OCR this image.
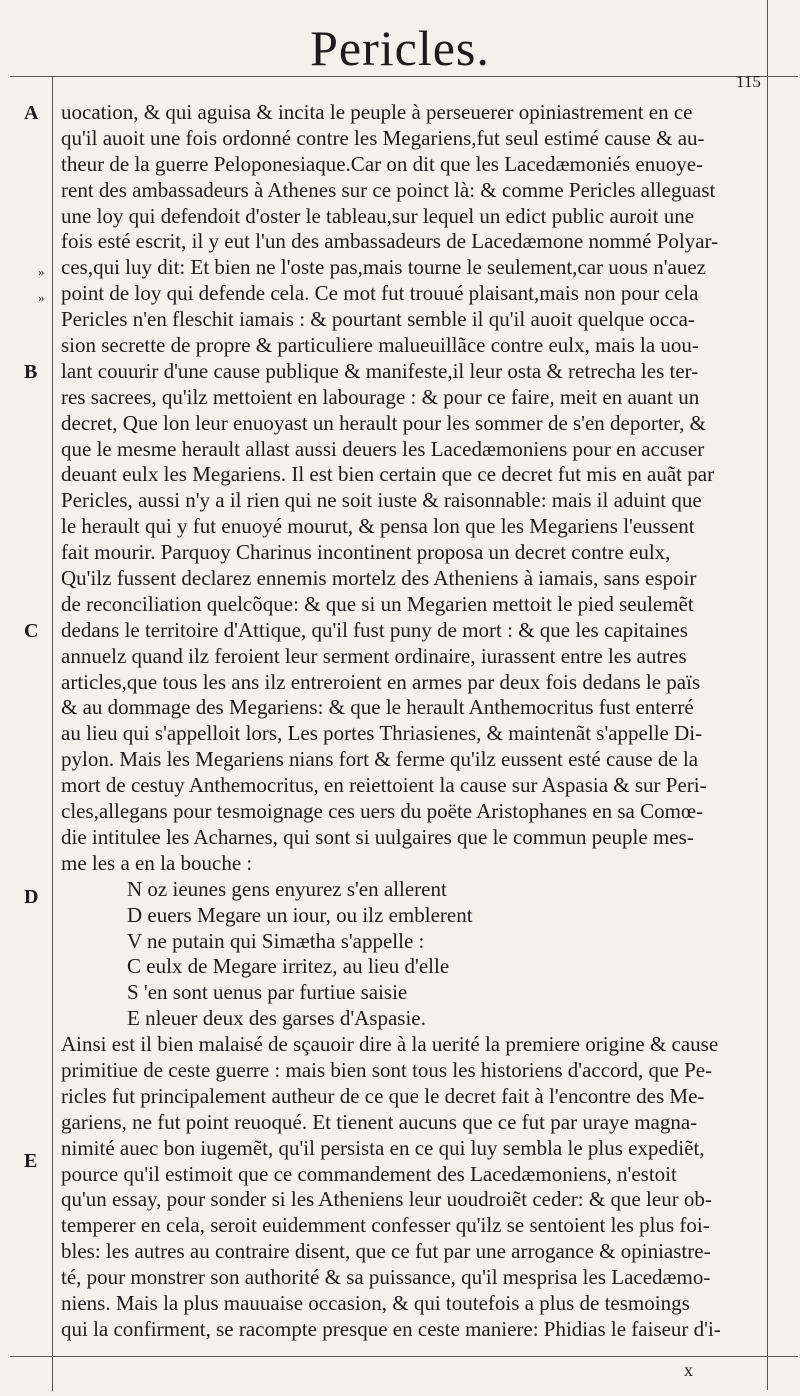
Pericles.
115
A
B
C
D
E
»
»
uocation, & qui aguisa & incita le peuple à perseuerer opiniastrement en ce
qu'il auoit une fois ordonné contre les Megariens,fut seul estimé cause & au-
theur de la guerre Peloponesiaque.Car on dit que les Lacedæmoniés enuoye-
rent des ambassadeurs à Athenes sur ce poinct là: & comme Pericles alleguast
une loy qui defendoit d'oster le tableau,sur lequel un edict public auroit une
fois esté escrit, il y eut l'un des ambassadeurs de Lacedæmone nommé Polyar-
ces,qui luy dit: Et bien ne l'oste pas,mais tourne le seulement,car uous n'auez
point de loy qui defende cela. Ce mot fut trouué plaisant,mais non pour cela
Pericles n'en fleschit iamais : & pourtant semble il qu'il auoit quelque occa-
sion secrette de propre & particuliere malueuillãce contre eulx, mais la uou-
lant couurir d'une cause publique & manifeste,il leur osta & retrecha les ter-
res sacrees, qu'ilz mettoient en labourage : & pour ce faire, meit en auant un
decret, Que lon leur enuoyast un herault pour les sommer de s'en deporter, &
que le mesme herault allast aussi deuers les Lacedæmoniens pour en accuser
deuant eulx les Megariens. Il est bien certain que ce decret fut mis en auãt par
Pericles, aussi n'y a il rien qui ne soit iuste & raisonnable: mais il aduint que
le herault qui y fut enuoyé mourut, & pensa lon que les Megariens l'eussent
fait mourir. Parquoy Charinus incontinent proposa un decret contre eulx,
Qu'ilz fussent declarez ennemis mortelz des Atheniens à iamais, sans espoir
de reconciliation quelcõque: & que si un Megarien mettoit le pied seulemẽt
dedans le territoire d'Attique, qu'il fust puny de mort : & que les capitaines
annuelz quand ilz feroient leur serment ordinaire, iurassent entre les autres
articles,que tous les ans ilz entreroient en armes par deux fois dedans le païs
& au dommage des Megariens: & que le herault Anthemocritus fust enterré
au lieu qui s'appelloit lors, Les portes Thriasienes, & maintenãt s'appelle Di-
pylon. Mais les Megariens nians fort & ferme qu'ilz eussent esté cause de la
mort de cestuy Anthemocritus, en reiettoient la cause sur Aspasia & sur Peri-
cles,allegans pour tesmoignage ces uers du poëte Aristophanes en sa Comœ-
die intitulee les Acharnes, qui sont si uulgaires que le commun peuple mes-
me les a en la bouche :
N oz ieunes gens enyurez s'en allerent
D euers Megare un iour, ou ilz emblerent
V ne putain qui Simætha s'appelle :
C eulx de Megare irritez, au lieu d'elle
S 'en sont uenus par furtiue saisie
E nleuer deux des garses d'Aspasie.
Ainsi est il bien malaisé de sçauoir dire à la uerité la premiere origine & cause
primitiue de ceste guerre : mais bien sont tous les historiens d'accord, que Pe-
ricles fut principalement autheur de ce que le decret fait à l'encontre des Me-
gariens, ne fut point reuoqué. Et tienent aucuns que ce fut par uraye magna-
nimité auec bon iugemẽt, qu'il persista en ce qui luy sembla le plus expediẽt,
pource qu'il estimoit que ce commandement des Lacedæmoniens, n'estoit
qu'un essay, pour sonder si les Atheniens leur uoudroiẽt ceder: & que leur ob-
temperer en cela, seroit euidemment confesser qu'ilz se sentoient les plus foi-
bles: les autres au contraire disent, que ce fut par une arrogance & opiniastre-
té, pour monstrer son authorité & sa puissance, qu'il mesprisa les Lacedæmo-
niens. Mais la plus mauuaise occasion, & qui toutefois a plus de tesmoings
qui la confirment, se racompte presque en ceste maniere: Phidias le faiseur d'i-
x
